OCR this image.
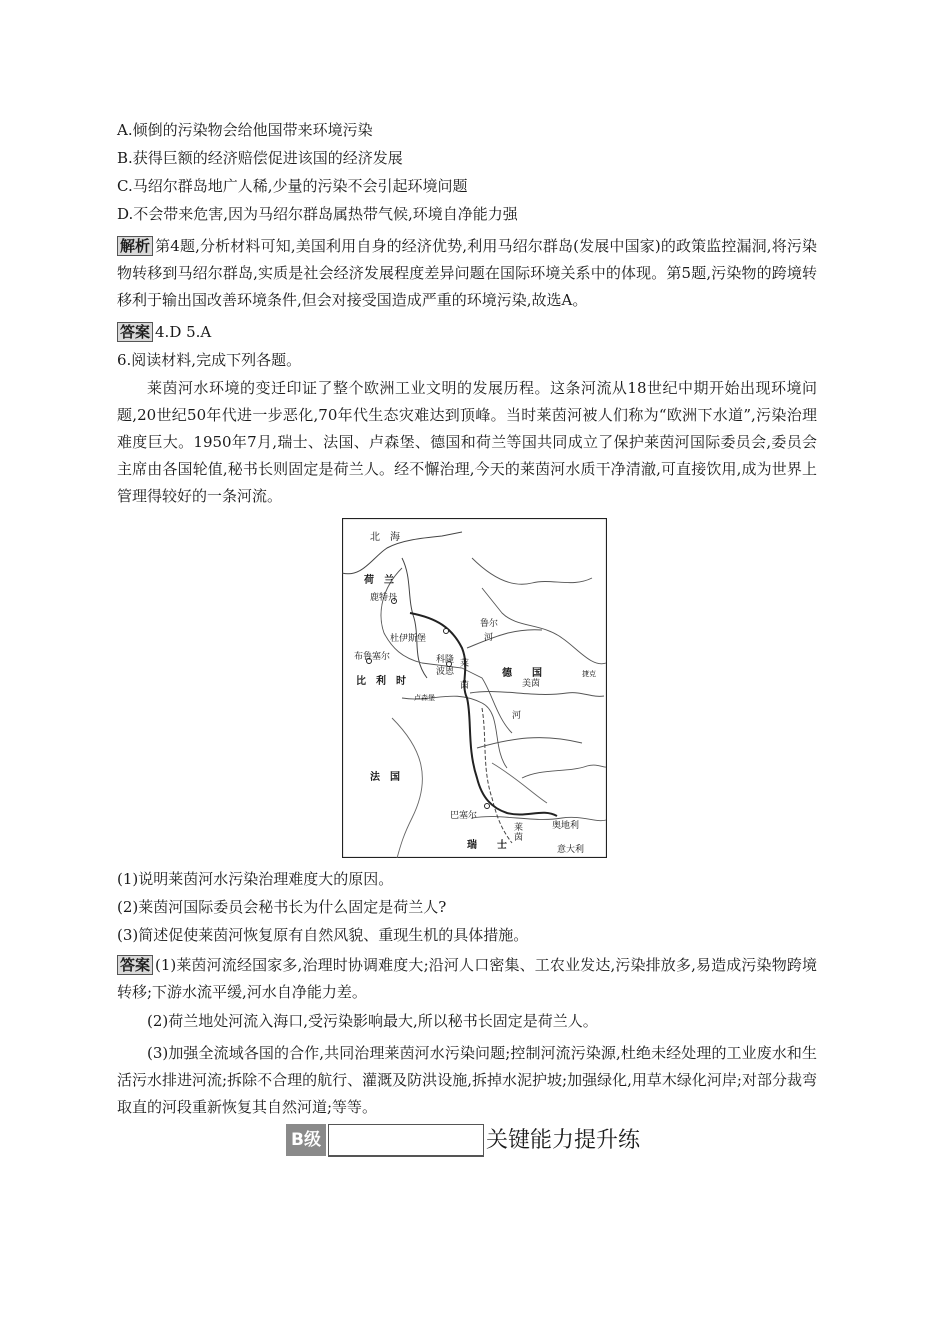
A.倾倒的污染物会给他国带来环境污染
B.获得巨额的经济赔偿促进该国的经济发展
C.马绍尔群岛地广人稀,少量的污染不会引起环境问题
D.不会带来危害,因为马绍尔群岛属热带气候,环境自净能力强
解析 第4题,分析材料可知,美国利用自身的经济优势,利用马绍尔群岛(发展中国家)的政策监控漏洞,将污染物转移到马绍尔群岛,实质是社会经济发展程度差异问题在国际环境关系中的体现。第5题,污染物的跨境转移利于输出国改善环境条件,但会对接受国造成严重的环境污染,故选A。
答案 4.D 5.A
6.阅读材料,完成下列各题。
莱茵河水环境的变迁印证了整个欧洲工业文明的发展历程。这条河流从18世纪中期开始出现环境问题,20世纪50年代进一步恶化,70年代生态灾难达到顶峰。当时莱茵河被人们称为“欧洲下水道”,污染治理难度巨大。1950年7月,瑞士、法国、卢森堡、德国和荷兰等国共同成立了保护莱茵河国际委员会,委员会主席由各国轮值,秘书长则固定是荷兰人。经不懈治理,今天的莱茵河水质干净清澈,可直接饮用,成为世界上管理得较好的一条河流。
北　海
荷　兰
鹿特丹
杜伊斯堡
布鲁塞尔
比　利　时
科隆
波恩	德　　国
卢森堡
法　国
巴塞尔
瑞　　士
奥地利
意大利
捷克
鲁尔
美茵
莱
茵
河
河
莱
茵
(1)说明莱茵河水污染治理难度大的原因。
(2)莱茵河国际委员会秘书长为什么固定是荷兰人?
(3)简述促使莱茵河恢复原有自然风貌、重现生机的具体措施。
答案 (1)莱茵河流经国家多,治理时协调难度大;沿河人口密集、工农业发达,污染排放多,易造成污染物跨境转移;下游水流平缓,河水自净能力差。
(2)荷兰地处河流入海口,受污染影响最大,所以秘书长固定是荷兰人。
(3)加强全流域各国的合作,共同治理莱茵河水污染问题;控制河流污染源,杜绝未经处理的工业废水和生活污水排进河流;拆除不合理的航行、灌溉及防洪设施,拆掉水泥护坡;加强绿化,用草木绿化河岸;对部分裁弯取直的河段重新恢复其自然河道;等等。
B级	关键能力提升练
